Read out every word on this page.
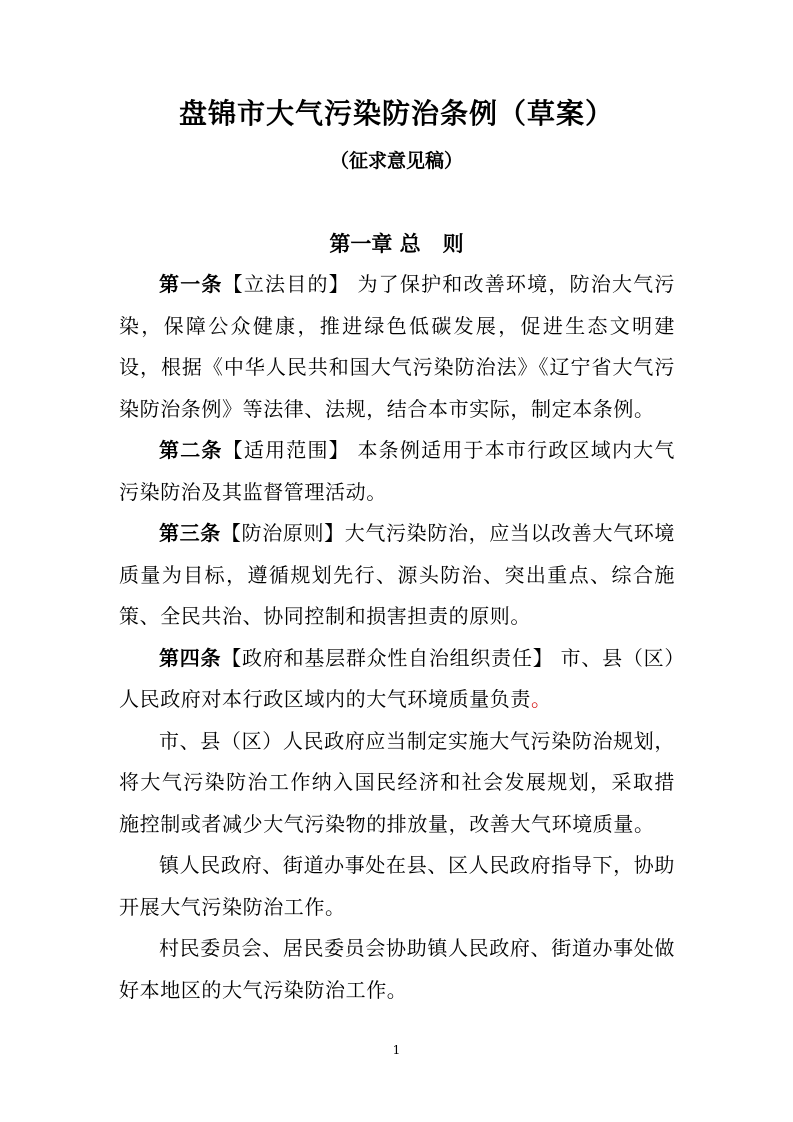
盘锦市大气污染防治条例（草案）
（征求意见稿）
第一章 总   则

第一条【立法目的】 为了保护和改善环境，防治大气污染，保障公众健康，推进绿色低碳发展，促进生态文明建设，根据《中华人民共和国大气污染防治法》《辽宁省大气污染防治条例》等法律、法规，结合本市实际，制定本条例。

第二条【适用范围】 本条例适用于本市行政区域内大气污染防治及其监督管理活动。

第三条【防治原则】大气污染防治，应当以改善大气环境质量为目标，遵循规划先行、源头防治、突出重点、综合施策、全民共治、协同控制和损害担责的原则。

第四条【政府和基层群众性自治组织责任】 市、县（区）人民政府对本行政区域内的大气环境质量负责。

市、县（区）人民政府应当制定实施大气污染防治规划，将大气污染防治工作纳入国民经济和社会发展规划，采取措施控制或者减少大气污染物的排放量，改善大气环境质量。

镇人民政府、街道办事处在县、区人民政府指导下，协助开展大气污染防治工作。

村民委员会、居民委员会协助镇人民政府、街道办事处做好本地区的大气污染防治工作。

1
